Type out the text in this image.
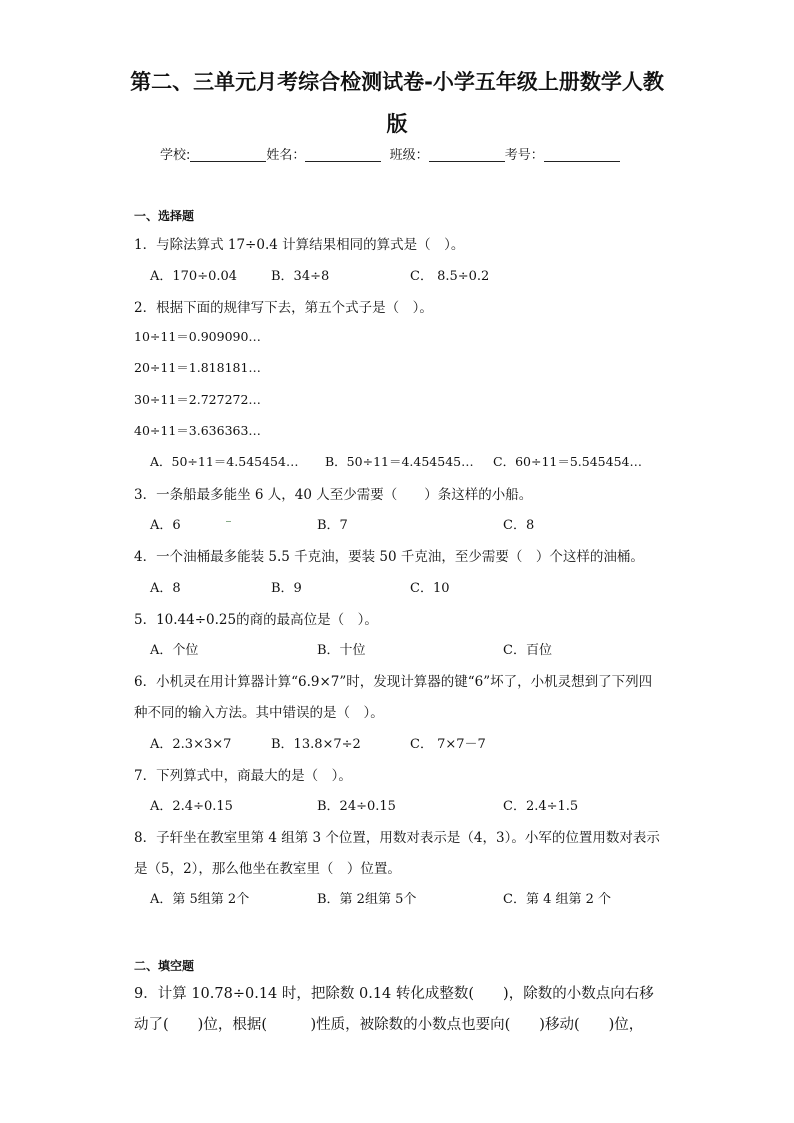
第二、三单元月考综合检测试卷-小学五年级上册数学人教
版
学校:	姓名：	班级：	考号：
一、选择题
1．与除法算式 17÷0.4 计算结果相同的算式是（　）。
A．170÷0.04	B．34÷8	C． 8.5÷0.2
2．根据下面的规律写下去，第五个式子是（　）。
10÷11＝0.909090…
20÷11＝1.818181…
30÷11＝2.727272…
40÷11＝3.636363…
A．50÷11＝4.545454… B．50÷11＝4.454545… C．60÷11＝5.545454…
3．一条船最多能坐 6 人，40 人至少需要（　　）条这样的小船。
A．6	B．7	C．8
4．一个油桶最多能装 5.5 千克油，要装 50 千克油，至少需要（　）个这样的油桶。
A．8	B．9	C．10
5．10.44÷0.25的商的最高位是（　）。
A．个位	B．十位	C．百位
6．小机灵在用计算器计算“6.9×7”时，发现计算器的键“6”坏了，小机灵想到了下列四
种不同的输入方法。其中错误的是（　）。
A．2.3×3×7	B．13.8×7÷2	C． 7×7－7
7．下列算式中，商最大的是（　）。
A．2.4÷0.15	B．24÷0.15	C．2.4÷1.5
8．子轩坐在教室里第 4 组第 3 个位置，用数对表示是（4，3）。小军的位置用数对表示
是（5，2），那么他坐在教室里（　）位置。
A．第 5组第 2个	B．第 2组第 5个	C．第 4 组第 2 个
二、填空题
9．计算 10.78÷0.14 时，把除数 0.14 转化成整数(　　)，除数的小数点向右移
动了(　　)位，根据(　　　)性质，被除数的小数点也要向(　　)移动(　　)位，
